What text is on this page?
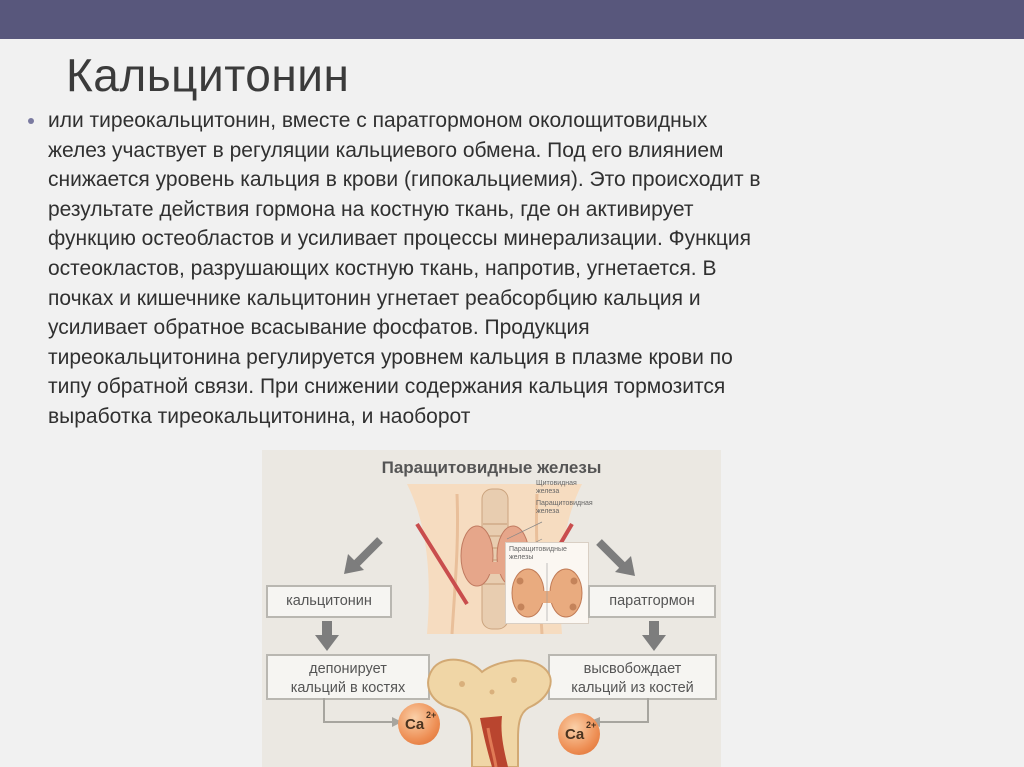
Кальцитонин
или тиреокальцитонин, вместе с паратгормоном околощитовидных
желез участвует в регуляции кальциевого обмена. Под его влиянием
снижается уровень кальция в крови (гипокальциемия). Это происходит в
результате действия гормона на костную ткань, где он активирует
функцию остеобластов и усиливает процессы минерализации. Функция
остеокластов, разрушающих костную ткань, напротив, угнетается. В
почках и кишечнике кальцитонин угнетает реабсорбцию кальция и
усиливает обратное всасывание фосфатов. Продукция
тиреокальцитонина регулируется уровнем кальция в плазме крови по
типу обратной связи. При снижении содержания кальция тормозится
выработка тиреокальцитонина, и наоборот
Паращитовидные железы
Щитовидная
железа
Паращитовидная
железа
Паращитовидные
железы
кальцитонин	паратгормон
депонирует
кальций в костях
высвобождает
кальций из костей
Ca
2+
Ca
2+
